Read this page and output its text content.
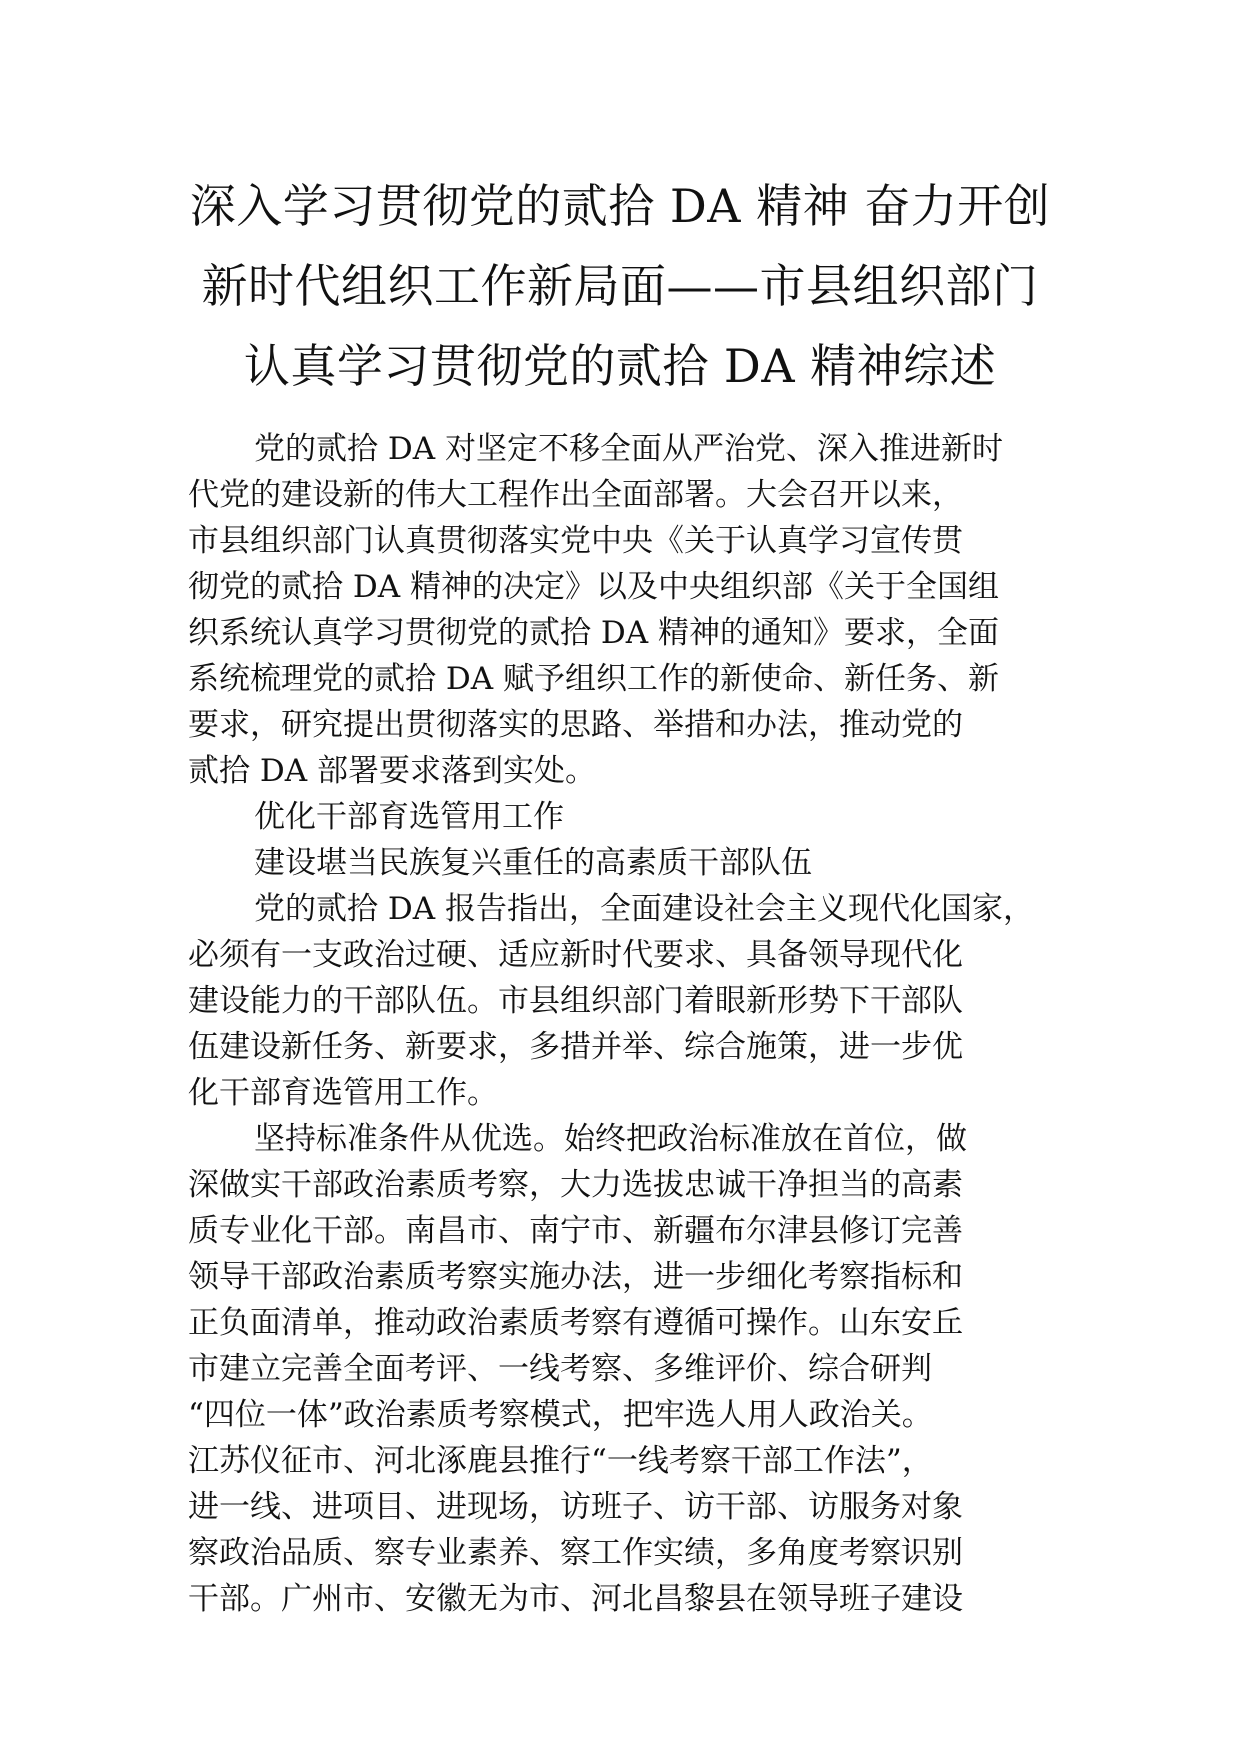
深入学习贯彻党的贰拾 DA 精神 奋力开创
新时代组织工作新局面——市县组织部门
认真学习贯彻党的贰拾 DA 精神综述
党的贰拾 DA 对坚定不移全面从严治党、深入推进新时
代党的建设新的伟大工程作出全面部署。大会召开以来，
市县组织部门认真贯彻落实党中央《关于认真学习宣传贯
彻党的贰拾 DA 精神的决定》以及中央组织部《关于全国组
织系统认真学习贯彻党的贰拾 DA 精神的通知》要求，全面
系统梳理党的贰拾 DA 赋予组织工作的新使命、新任务、新
要求，研究提出贯彻落实的思路、举措和办法，推动党的
贰拾 DA 部署要求落到实处。
优化干部育选管用工作
建设堪当民族复兴重任的高素质干部队伍
党的贰拾 DA 报告指出，全面建设社会主义现代化国家，
必须有一支政治过硬、适应新时代要求、具备领导现代化
建设能力的干部队伍。市县组织部门着眼新形势下干部队
伍建设新任务、新要求，多措并举、综合施策，进一步优
化干部育选管用工作。
坚持标准条件从优选。始终把政治标准放在首位，做
深做实干部政治素质考察，大力选拔忠诚干净担当的高素
质专业化干部。南昌市、南宁市、新疆布尔津县修订完善
领导干部政治素质考察实施办法，进一步细化考察指标和
正负面清单，推动政治素质考察有遵循可操作。山东安丘
市建立完善全面考评、一线考察、多维评价、综合研判
“四位一体”政治素质考察模式，把牢选人用人政治关。
江苏仪征市、河北涿鹿县推行“一线考察干部工作法”，
进一线、进项目、进现场，访班子、访干部、访服务对象
察政治品质、察专业素养、察工作实绩，多角度考察识别
干部。广州市、安徽无为市、河北昌黎县在领导班子建设
